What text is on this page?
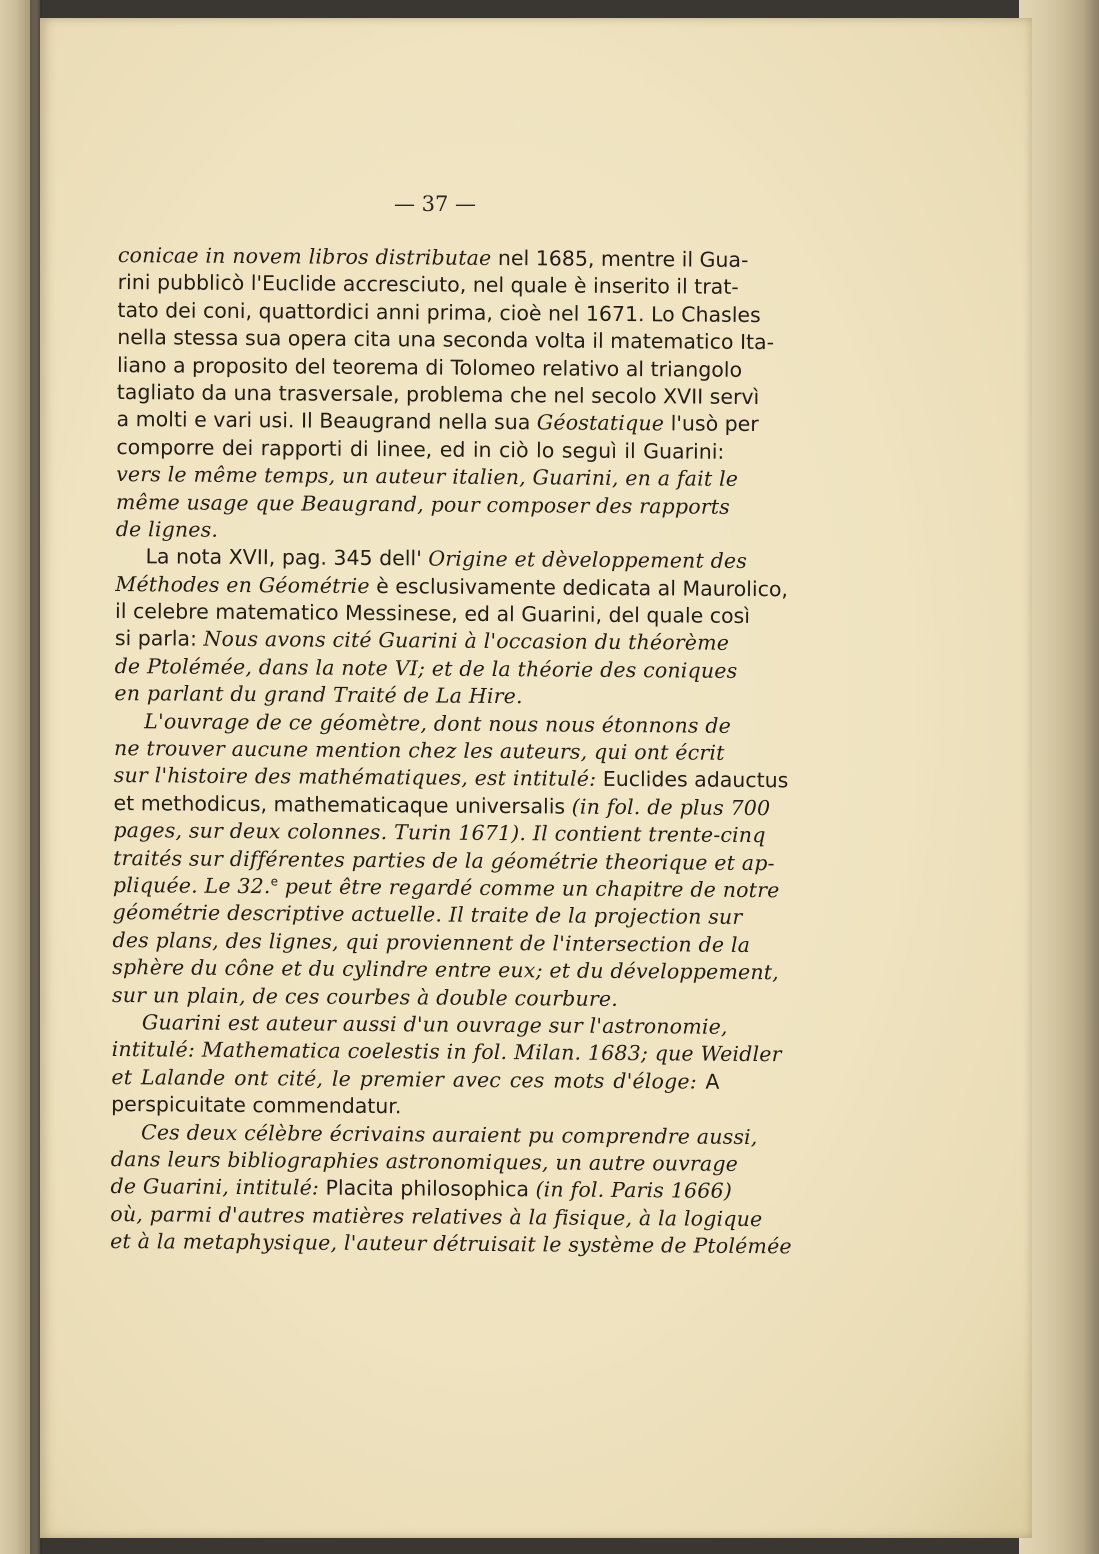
— 37 —
conicae in novem libros distributae nel 1685, mentre il Gua-
rini pubblicò l'Euclide accresciuto, nel quale è inserito il trat-
tato dei coni, quattordici anni prima, cioè nel 1671. Lo Chasles
nella stessa sua opera cita una seconda volta il matematico Ita-
liano a proposito del teorema di Tolomeo relativo al triangolo
tagliato da una trasversale, problema che nel secolo XVII servì
a molti e vari usi. Il Beaugrand nella sua Géostatique l'usò per
comporre dei rapporti di linee, ed in ciò lo seguì il Guarini:
vers le même temps, un auteur italien, Guarini, en a fait le
même usage que Beaugrand, pour composer des rapports
de lignes.
La nota XVII, pag. 345 dell' Origine et dèveloppement des
Méthodes en Géométrie è esclusivamente dedicata al Maurolico,
il celebre matematico Messinese, ed al Guarini, del quale così
si parla: Nous avons cité Guarini à l'occasion du théorème
de Ptolémée, dans la note VI; et de la théorie des coniques
en parlant du grand Traité de La Hire.
L'ouvrage de ce géomètre, dont nous nous étonnons de
ne trouver aucune mention chez les auteurs, qui ont écrit
sur l'histoire des mathématiques, est intitulé: Euclides adauctus
et methodicus, mathematicaque universalis (in fol. de plus 700
pages, sur deux colonnes. Turin 1671). Il contient trente-cinq
traités sur différentes parties de la géométrie theorique et ap-
pliquée. Le 32.$^e$ peut être regardé comme un chapitre de notre
géométrie descriptive actuelle. Il traite de la projection sur
des plans, des lignes, qui proviennent de l'intersection de la
sphère du cône et du cylindre entre eux; et du développement,
sur un plain, de ces courbes à double courbure.
Guarini est auteur aussi d'un ouvrage sur l'astronomie,
intitulé: Mathematica coelestis in fol. Milan. 1683; que Weidler
et Lalande ont cité, le premier avec ces mots d'éloge: A
perspicuitate commendatur.
Ces deux célèbre écrivains auraient pu comprendre aussi,
dans leurs bibliographies astronomiques, un autre ouvrage
de Guarini, intitulé: Placita philosophica (in fol. Paris 1666)
où, parmi d'autres matières relatives à la fisique, à la logique
et à la metaphysique, l'auteur détruisait le système de Ptolémée
